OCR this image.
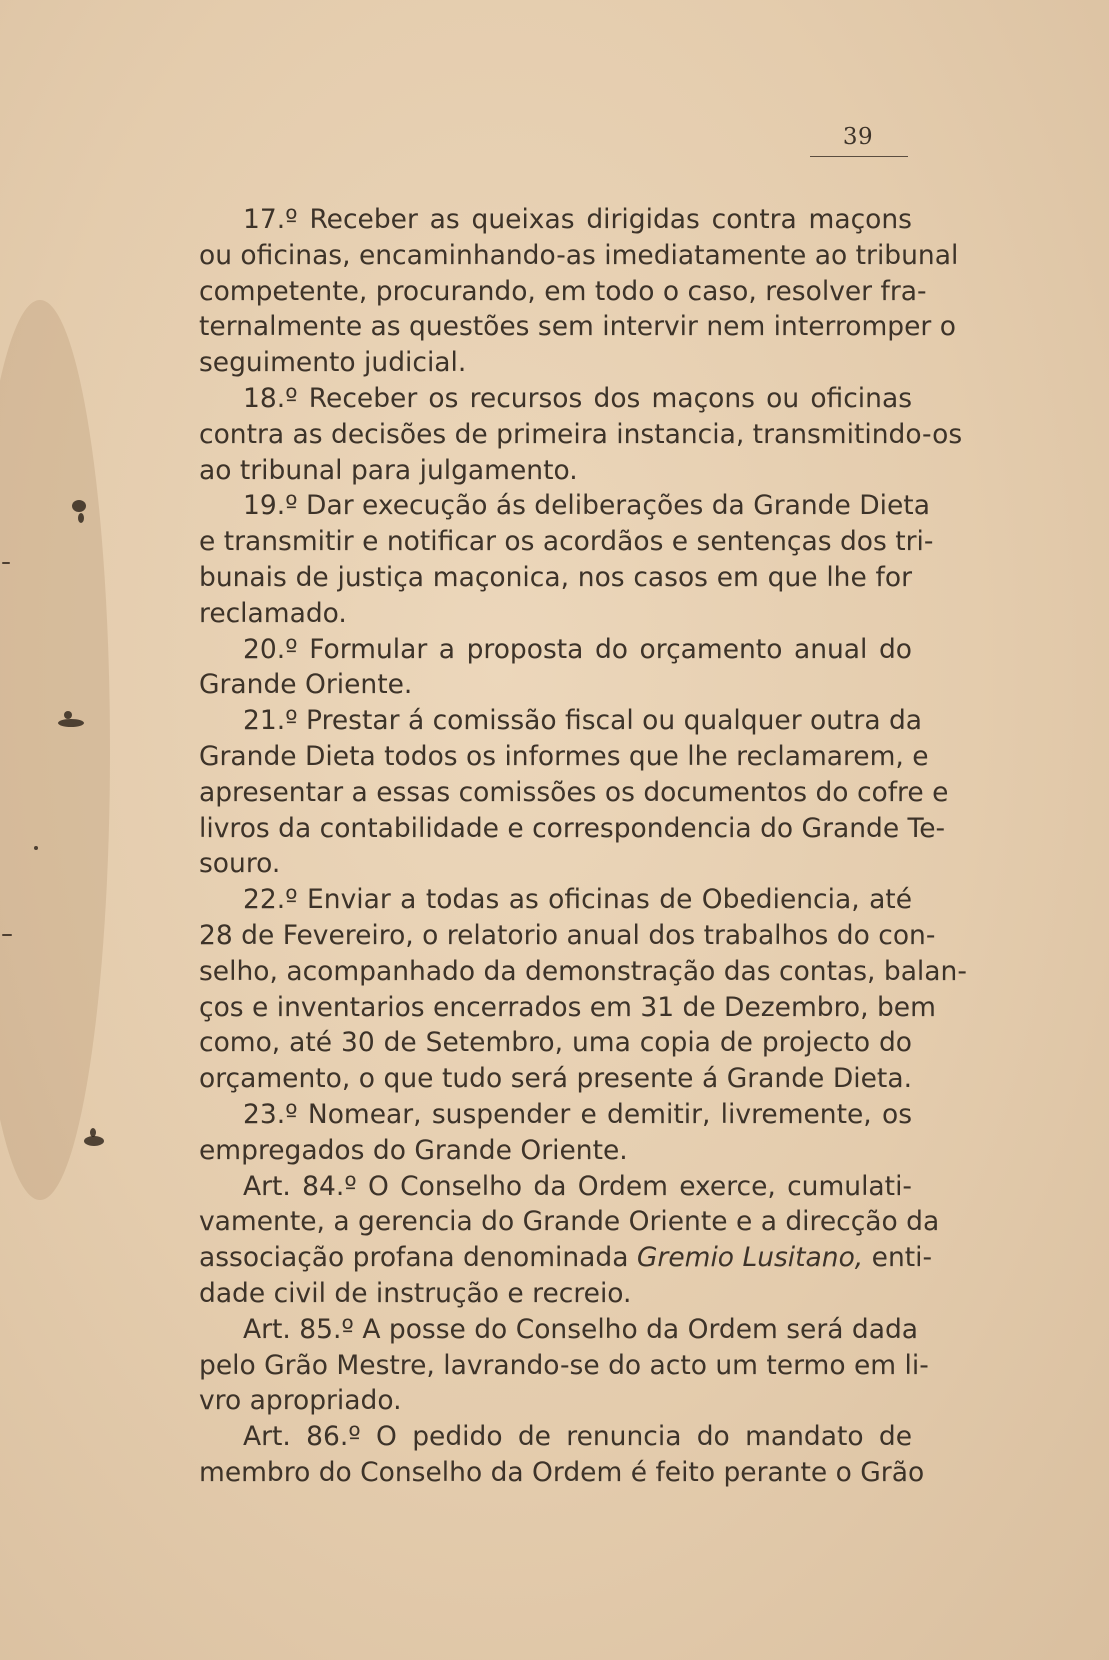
39
17.º Receber as queixas dirigidas contra maçons
ou oficinas, encaminhando-as imediatamente ao tribunal
competente, procurando, em todo o caso, resolver fra-
ternalmente as questões sem intervir nem interromper o
seguimento judicial.
18.º Receber os recursos dos maçons ou oficinas
contra as decisões de primeira instancia, transmitindo-os
ao tribunal para julgamento.
19.º Dar execução ás deliberações da Grande Dieta
e transmitir e notificar os acordãos e sentenças dos tri-
bunais de justiça maçonica, nos casos em que lhe for
reclamado.
20.º Formular a proposta do orçamento anual do
Grande Oriente.
21.º Prestar á comissão fiscal ou qualquer outra da
Grande Dieta todos os informes que lhe reclamarem, e
apresentar a essas comissões os documentos do cofre e
livros da contabilidade e correspondencia do Grande Te-
souro.
22.º Enviar a todas as oficinas de Obediencia, até
28 de Fevereiro, o relatorio anual dos trabalhos do con-
selho, acompanhado da demonstração das contas, balan-
ços e inventarios encerrados em 31 de Dezembro, bem
como, até 30 de Setembro, uma copia de projecto do
orçamento, o que tudo será presente á Grande Dieta.
23.º Nomear, suspender e demitir, livremente, os
empregados do Grande Oriente.
Art. 84.º O Conselho da Ordem exerce, cumulati-
vamente, a gerencia do Grande Oriente e a direcção da
associação profana denominada Gremio Lusitano, enti-
dade civil de instrução e recreio.
Art. 85.º A posse do Conselho da Ordem será dada
pelo Grão Mestre, lavrando-se do acto um termo em li-
vro apropriado.
Art. 86.º O pedido de renuncia do mandato de
membro do Conselho da Ordem é feito perante o Grão
